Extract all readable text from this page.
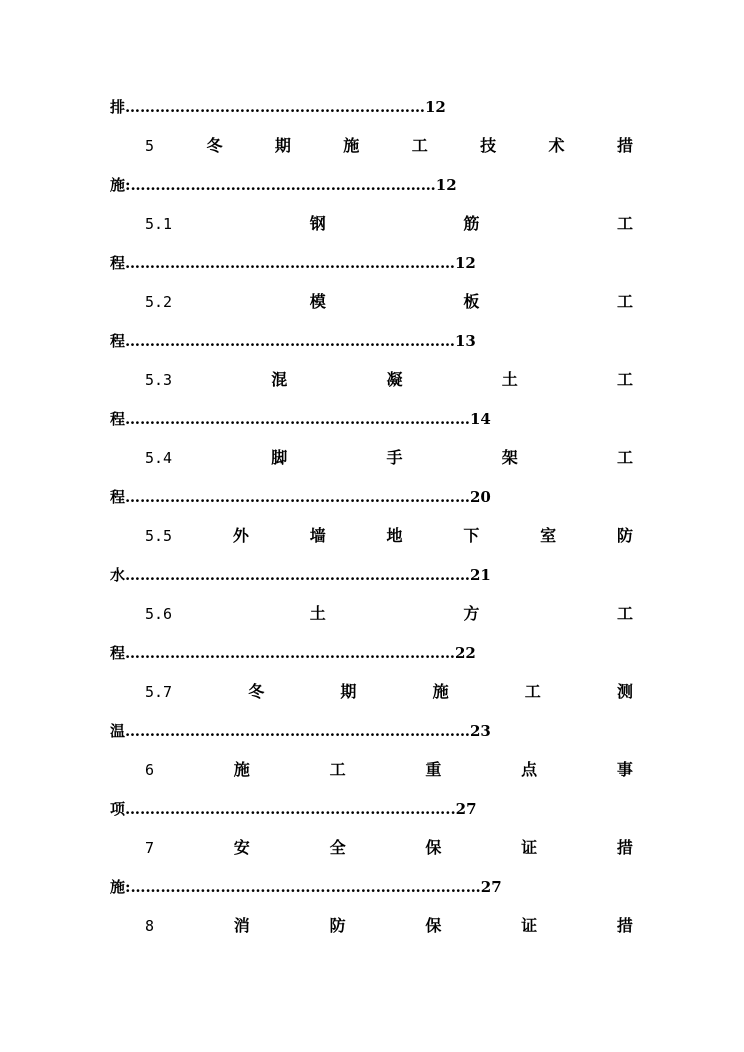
排……………………………………………………12
5	冬	期	施	工	技	术	措
施:……………….……………………………………12
5.1	钢	筋	工
程…………………………………………………………12
5.2	模	板	工
程…………………………………………………………13
5.3	混	凝	土	工
程……………………………………………………………14
5.4	脚	手	架	工
程……………………………………………………………20
5.5	外	墙	地	下	室	防
水……………………………………………………………21
5.6	土	方	工
程…………………………………………………………22
5.7	冬	期	施	工	测
温……………………………………………………………23
6	施	工	重	点	事
项…………………….…………………………………..27
7	安	全	保	证	措
施:………………………………….…………………………27
8	消	防	保	证	措
